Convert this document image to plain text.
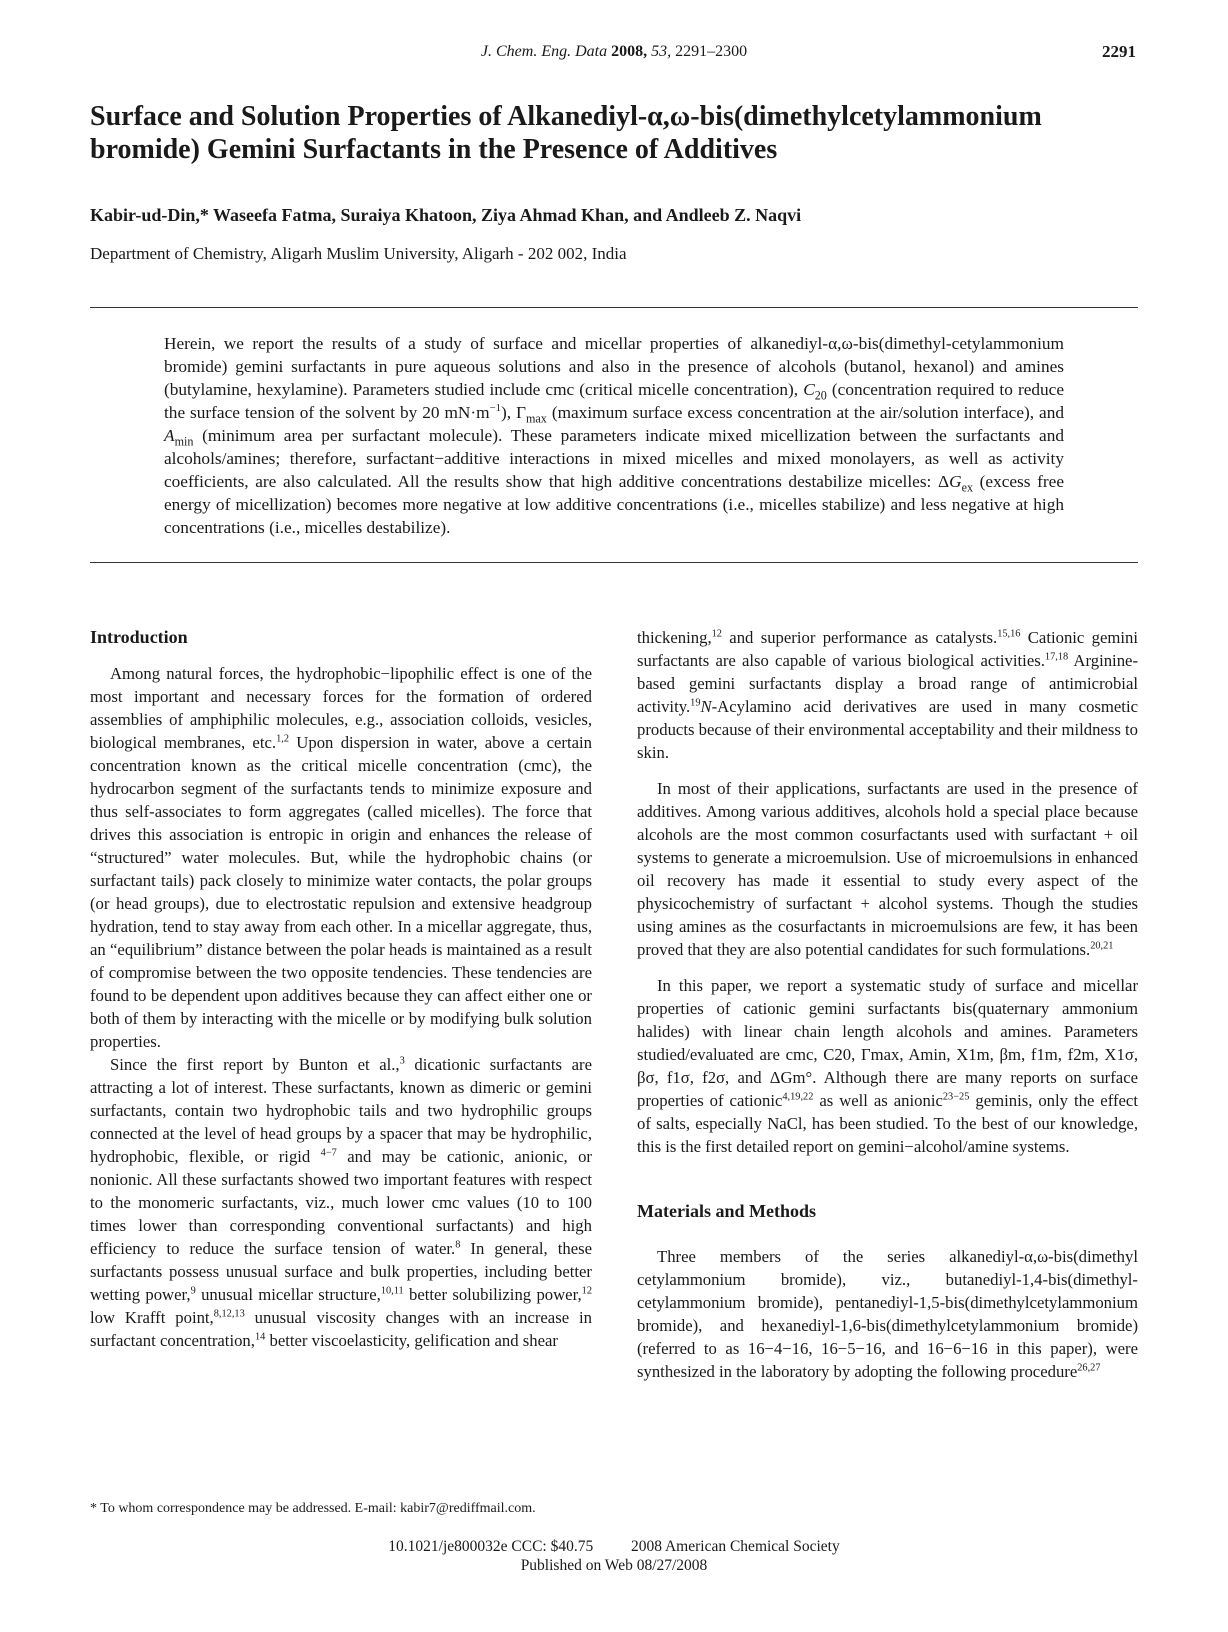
J. Chem. Eng. Data 2008, 53, 2291–2300	2291
Surface and Solution Properties of Alkanediyl-α,ω-bis(dimethylcetylammonium bromide) Gemini Surfactants in the Presence of Additives
Kabir-ud-Din,* Waseefa Fatma, Suraiya Khatoon, Ziya Ahmad Khan, and Andleeb Z. Naqvi
Department of Chemistry, Aligarh Muslim University, Aligarh - 202 002, India
Herein, we report the results of a study of surface and micellar properties of alkanediyl-α,ω-bis(dimethyl-cetylammonium bromide) gemini surfactants in pure aqueous solutions and also in the presence of alcohols (butanol, hexanol) and amines (butylamine, hexylamine). Parameters studied include cmc (critical micelle concentration), $C_{20}$ (concentration required to reduce the surface tension of the solvent by 20 $mN\cdot m^{-1}$), $\Gamma_{max}$ (maximum surface excess concentration at the air/solution interface), and $A_{min}$ (minimum area per surfactant molecule). These parameters indicate mixed micellization between the surfactants and alcohols/amines; therefore, surfactant−additive interactions in mixed micelles and mixed monolayers, as well as activity coefficients, are also calculated. All the results show that high additive concentrations destabilize micelles: $\Delta G_{ex}$ (excess free energy of micellization) becomes more negative at low additive concentrations (i.e., micelles stabilize) and less negative at high concentrations (i.e., micelles destabilize).
Introduction

Among natural forces, the hydrophobic−lipophilic effect is one of the most important and necessary forces for the formation of ordered assemblies of amphiphilic molecules, e.g., association colloids, vesicles, biological membranes, etc.$^{1,2}$ Upon dispersion in water, above a certain concentration known as the critical micelle concentration (cmc), the hydrocarbon segment of the surfactants tends to minimize exposure and thus self-associates to form aggregates (called micelles). The force that drives this association is entropic in origin and enhances the release of “structured” water molecules. But, while the hydrophobic chains (or surfactant tails) pack closely to minimize water contacts, the polar groups (or head groups), due to electrostatic repulsion and extensive headgroup hydration, tend to stay away from each other. In a micellar aggregate, thus, an “equilibrium” distance between the polar heads is maintained as a result of compromise between the two opposite tendencies. These tendencies are found to be dependent upon additives because they can affect either one or both of them by interacting with the micelle or by modifying bulk solution properties.

Since the first report by Bunton et al.,$^3$ dicationic surfactants are attracting a lot of interest. These surfactants, known as dimeric or gemini surfactants, contain two hydrophobic tails and two hydrophilic groups connected at the level of head groups by a spacer that may be hydrophilic, hydrophobic, flexible, or rigid $^{4-7}$ and may be cationic, anionic, or nonionic. All these surfactants showed two important features with respect to the monomeric surfactants, viz., much lower cmc values (10 to 100 times lower than corresponding conventional surfactants) and high efficiency to reduce the surface tension of water.$^8$ In general, these surfactants possess unusual surface and bulk properties, including better wetting power,$^9$ unusual micellar structure,$^{10,11}$ better solubilizing power,$^{12}$ low Krafft point,$^{8,12,13}$ unusual viscosity changes with an increase in surfactant concentration,$^{14}$ better viscoelasticity, gelification and shear

* To whom correspondence may be addressed. E-mail: kabir7@rediffmail.com.

thickening,$^{12}$ and superior performance as catalysts.$^{15,16}$ Cationic gemini surfactants are also capable of various biological activities.$^{17,18}$ Arginine-based gemini surfactants display a broad range of antimicrobial activity.$^{19}$N-Acylamino acid derivatives are used in many cosmetic products because of their environmental acceptability and their mildness to skin.

In most of their applications, surfactants are used in the presence of additives. Among various additives, alcohols hold a special place because alcohols are the most common cosurfactants used with surfactant + oil systems to generate a microemulsion. Use of microemulsions in enhanced oil recovery has made it essential to study every aspect of the physicochemistry of surfactant + alcohol systems. Though the studies using amines as the cosurfactants in microemulsions are few, it has been proved that they are also potential candidates for such formulations.$^{20,21}$

In this paper, we report a systematic study of surface and micellar properties of cationic gemini surfactants bis(quaternary ammonium halides) with linear chain length alcohols and amines. Parameters studied/evaluated are cmc, C20, Γmax, Amin, X1m, βm, f1m, f2m, X1σ, βσ, f1σ, f2σ, and ΔGm°. Although there are many reports on surface properties of cationic$^{4,19,22}$ as well as anionic$^{23-25}$ geminis, only the effect of salts, especially NaCl, has been studied. To the best of our knowledge, this is the first detailed report on gemini−alcohol/amine systems.

Materials and Methods

Three members of the series alkanediyl-α,ω-bis(dimethyl cetylammonium bromide), viz., butanediyl-1,4-bis(dimethyl-cetylammonium bromide), pentanediyl-1,5-bis(dimethylcetylammonium bromide), and hexanediyl-1,6-bis(dimethylcetylammonium bromide) (referred to as 16−4−16, 16−5−16, and 16−6−16 in this paper), were synthesized in the laboratory by adopting the following procedure$^{26,27}$

10.1021/je800032e CCC: $40.75 2008 American Chemical Society
Published on Web 08/27/2008
